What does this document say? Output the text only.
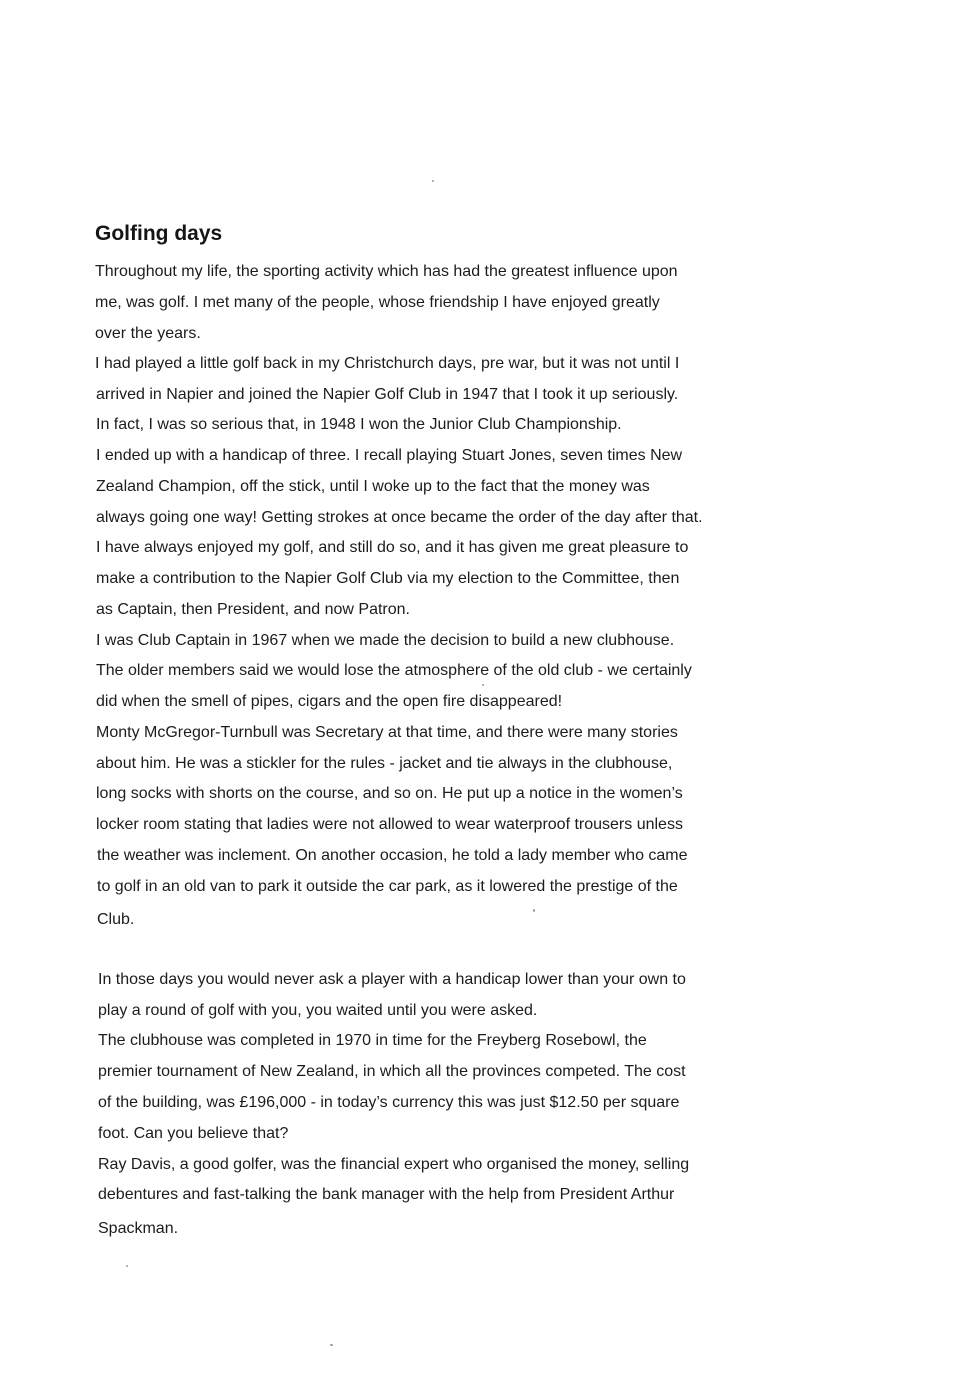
Golfing days
Throughout my life, the sporting activity which has had the greatest influence upon
me, was golf. I met many of the people, whose friendship I have enjoyed greatly
over the years.
I had played a little golf back in my Christchurch days, pre war, but it was not until I
arrived in Napier and joined the Napier Golf Club in 1947 that I took it up seriously.
In fact, I was so serious that, in 1948 I won the Junior Club Championship.
I ended up with a handicap of three. I recall playing Stuart Jones, seven times New
Zealand Champion, off the stick, until I woke up to the fact that the money was
always going one way! Getting strokes at once became the order of the day after that.
I have always enjoyed my golf, and still do so, and it has given me great pleasure to
make a contribution to the Napier Golf Club via my election to the Committee, then
as Captain, then President, and now Patron.
I was Club Captain in 1967 when we made the decision to build a new clubhouse.
The older members said we would lose the atmosphere of the old club - we certainly
did when the smell of pipes, cigars and the open fire disappeared!
Monty McGregor-Turnbull was Secretary at that time, and there were many stories
about him. He was a stickler for the rules - jacket and tie always in the clubhouse,
long socks with shorts on the course, and so on. He put up a notice in the women’s
locker room stating that ladies were not allowed to wear waterproof trousers unless
the weather was inclement. On another occasion, he told a lady member who came
to golf in an old van to park it outside the car park, as it lowered the prestige of the
Club.
In those days you would never ask a player with a handicap lower than your own to
play a round of golf with you, you waited until you were asked.
The clubhouse was completed in 1970 in time for the Freyberg Rosebowl, the
premier tournament of New Zealand, in which all the provinces competed. The cost
of the building, was £196,000 - in today’s currency this was just $12.50 per square
foot. Can you believe that?
Ray Davis, a good golfer, was the financial expert who organised the money, selling
debentures and fast-talking the bank manager with the help from President Arthur
Spackman.
